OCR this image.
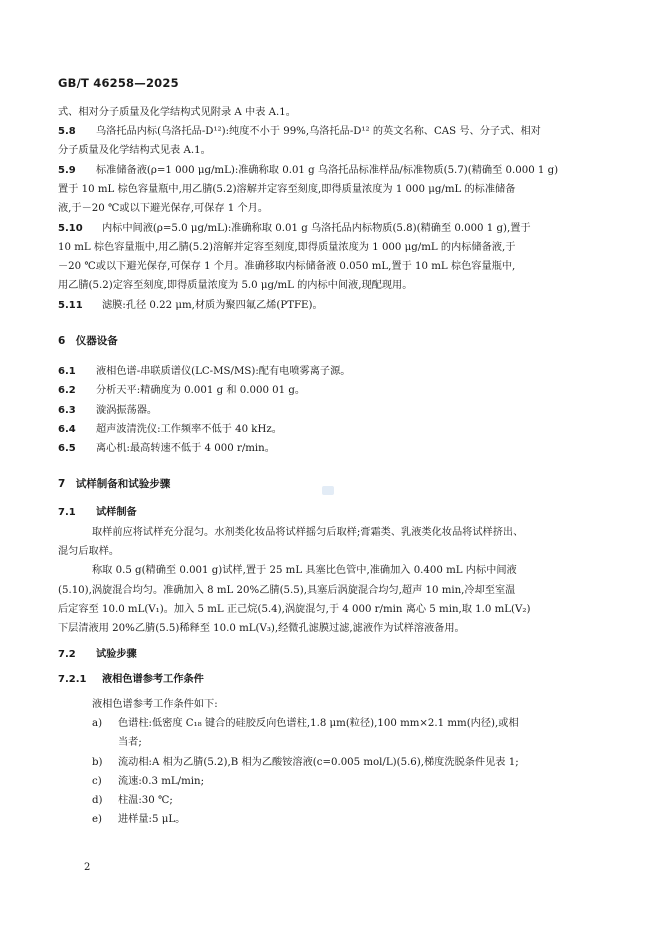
GB/T 46258—2025
式、相对分子质量及化学结构式见附录 A 中表 A.1。
5.8 乌洛托品内标(乌洛托品-D¹²):纯度不小于 99%,乌洛托品-D¹² 的英文名称、CAS 号、分子式、相对
分子质量及化学结构式见表 A.1。
5.9 标准储备液(ρ=1 000 μg/mL):准确称取 0.01 g 乌洛托品标准样品/标准物质(5.7)(精确至 0.000 1 g)
置于 10 mL 棕色容量瓶中,用乙腈(5.2)溶解并定容至刻度,即得质量浓度为 1 000 μg/mL 的标准储备
液,于－20 ℃或以下避光保存,可保存 1 个月。
5.10 内标中间液(ρ=5.0 μg/mL):准确称取 0.01 g 乌洛托品内标物质(5.8)(精确至 0.000 1 g),置于
10 mL 棕色容量瓶中,用乙腈(5.2)溶解并定容至刻度,即得质量浓度为 1 000 μg/mL 的内标储备液,于
－20 ℃或以下避光保存,可保存 1 个月。准确移取内标储备液 0.050 mL,置于 10 mL 棕色容量瓶中,
用乙腈(5.2)定容至刻度,即得质量浓度为 5.0 μg/mL 的内标中间液,现配现用。
5.11 滤膜:孔径 0.22 μm,材质为聚四氟乙烯(PTFE)。
6　仪器设备
6.1 液相色谱-串联质谱仪(LC-MS/MS):配有电喷雾离子源。
6.2 分析天平:精确度为 0.001 g 和 0.000 01 g。
6.3 漩涡振荡器。
6.4 超声波清洗仪:工作频率不低于 40 kHz。
6.5 离心机:最高转速不低于 4 000 r/min。
7　试样制备和试验步骤
7.1 试样制备
取样前应将试样充分混匀。水剂类化妆品将试样摇匀后取样;膏霜类、乳液类化妆品将试样挤出、
混匀后取样。
称取 0.5 g(精确至 0.001 g)试样,置于 25 mL 具塞比色管中,准确加入 0.400 mL 内标中间液
(5.10),涡旋混合均匀。准确加入 8 mL 20%乙腈(5.5),具塞后涡旋混合均匀,超声 10 min,冷却至室温
后定容至 10.0 mL(V₁)。加入 5 mL 正己烷(5.4),涡旋混匀,于 4 000 r/min 离心 5 min,取 1.0 mL(V₂)
下层清液用 20%乙腈(5.5)稀释至 10.0 mL(V₃),经微孔滤膜过滤,滤液作为试样溶液备用。
7.2 试验步骤
7.2.1 液相色谱参考工作条件
液相色谱参考工作条件如下:
a) 色谱柱:低密度 C₁₈ 键合的硅胶反向色谱柱,1.8 μm(粒径),100 mm×2.1 mm(内径),或相
当者;
b) 流动相:A 相为乙腈(5.2),B 相为乙酸铵溶液(c=0.005 mol/L)(5.6),梯度洗脱条件见表 1;
c) 流速:0.3 mL/min;
d) 柱温:30 ℃;
e) 进样量:5 μL。
2
